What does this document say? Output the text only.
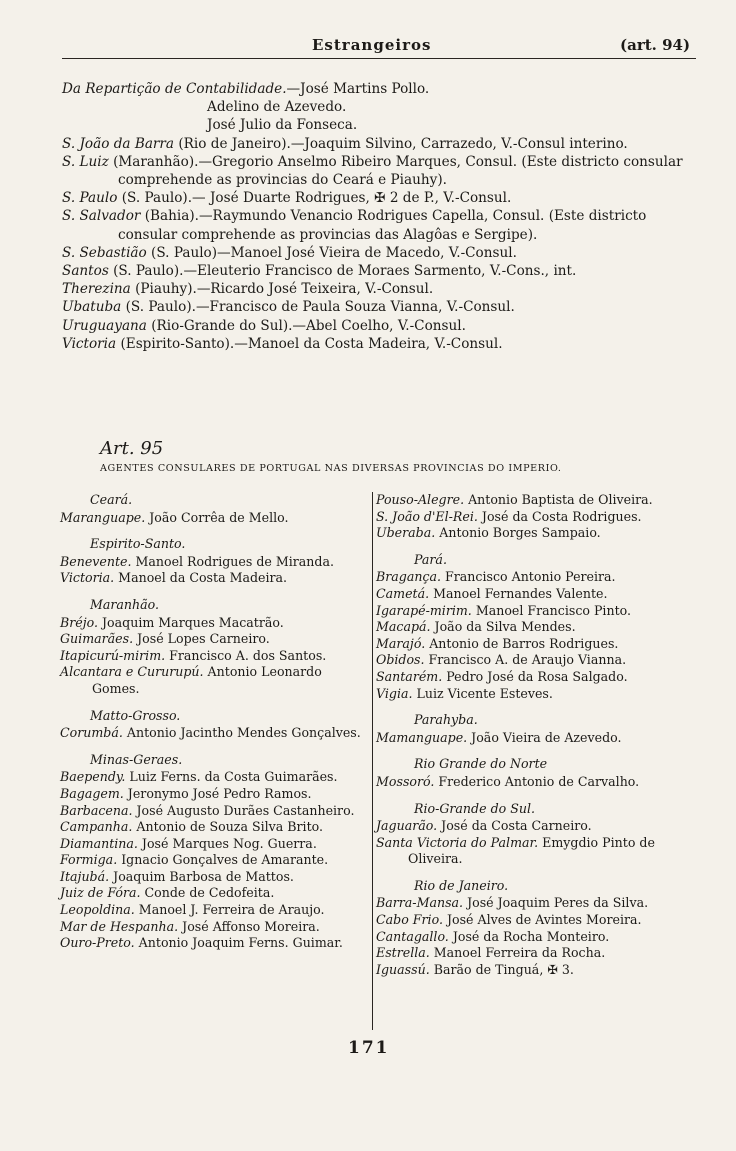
Estrangeiros	(art. 94)

Da Repartição de Contabilidade.—José Martins Pollo.

Adelino de Azevedo.

José Julio da Fonseca.

S. João da Barra (Rio de Janeiro).—Joaquim Silvino, Carrazedo, V.-Consul interino.

S. Luiz (Maranhão).—Gregorio Anselmo Ribeiro Marques, Consul. (Este districto consular comprehende as provincias do Ceará e Piauhy).

S. Paulo (S. Paulo).— José Duarte Rodrigues, ✠ 2 de P., V.-Consul.

S. Salvador (Bahia).—Raymundo Venancio Rodrigues Capella, Consul. (Este districto consular comprehende as provincias das Alagôas e Sergipe).

S. Sebastião (S. Paulo)—Manoel José Vieira de Macedo, V.-Consul.

Santos (S. Paulo).—Eleuterio Francisco de Moraes Sarmento, V.-Cons., int.

Therezina (Piauhy).—Ricardo José Teixeira, V.-Consul.

Ubatuba (S. Paulo).—Francisco de Paula Souza Vianna, V.-Consul.

Uruguayana (Rio-Grande do Sul).—Abel Coelho, V.-Consul.

Victoria (Espirito-Santo).—Manoel da Costa Madeira, V.-Consul.

Art. 95
AGENTES CONSULARES DE PORTUGAL NAS DIVERSAS PROVINCIAS DO IMPERIO.

Ceará.

Maranguape. João Corrêa de Mello.

Espirito-Santo.

Benevente. Manoel Rodrigues de Miranda.

Victoria. Manoel da Costa Madeira.

Maranhão.

Bréjo. Joaquim Marques Macatrão.

Guimarães. José Lopes Carneiro.

Itapicurú-mirim. Francisco A. dos Santos.

Alcantara e Cururupú. Antonio Leonardo Gomes.

Matto-Grosso.

Corumbá. Antonio Jacintho Mendes Gonçalves.

Minas-Geraes.

Baependy. Luiz Ferns. da Costa Guimarães.

Bagagem. Jeronymo José Pedro Ramos.

Barbacena. José Augusto Durães Castanheiro.

Campanha. Antonio de Souza Silva Brito.

Diamantina. José Marques Nog. Guerra.

Formiga. Ignacio Gonçalves de Amarante.

Itajubá. Joaquim Barbosa de Mattos.

Juiz de Fóra. Conde de Cedofeita.

Leopoldina. Manoel J. Ferreira de Araujo.

Mar de Hespanha. José Affonso Moreira.

Ouro-Preto. Antonio Joaquim Ferns. Guimar.

Pouso-Alegre. Antonio Baptista de Oliveira.

S. João d'El-Rei. José da Costa Rodrigues.

Uberaba. Antonio Borges Sampaio.

Pará.

Bragança. Francisco Antonio Pereira.

Cametá. Manoel Fernandes Valente.

Igarapé-mirim. Manoel Francisco Pinto.

Macapá. João da Silva Mendes.

Marajó. Antonio de Barros Rodrigues.

Obidos. Francisco A. de Araujo Vianna.

Santarém. Pedro José da Rosa Salgado.

Vigia. Luiz Vicente Esteves.

Parahyba.

Mamanguape. João Vieira de Azevedo.

Rio Grande do Norte

Mossoró. Frederico Antonio de Carvalho.

Rio-Grande do Sul.

Jaguarão. José da Costa Carneiro.

Santa Victoria do Palmar. Emygdio Pinto de Oliveira.

Rio de Janeiro.

Barra-Mansa. José Joaquim Peres da Silva.

Cabo Frio. José Alves de Avintes Moreira.

Cantagallo. José da Rocha Monteiro.

Estrella. Manoel Ferreira da Rocha.

Iguassú. Barão de Tinguá, ✠ 3.

171
